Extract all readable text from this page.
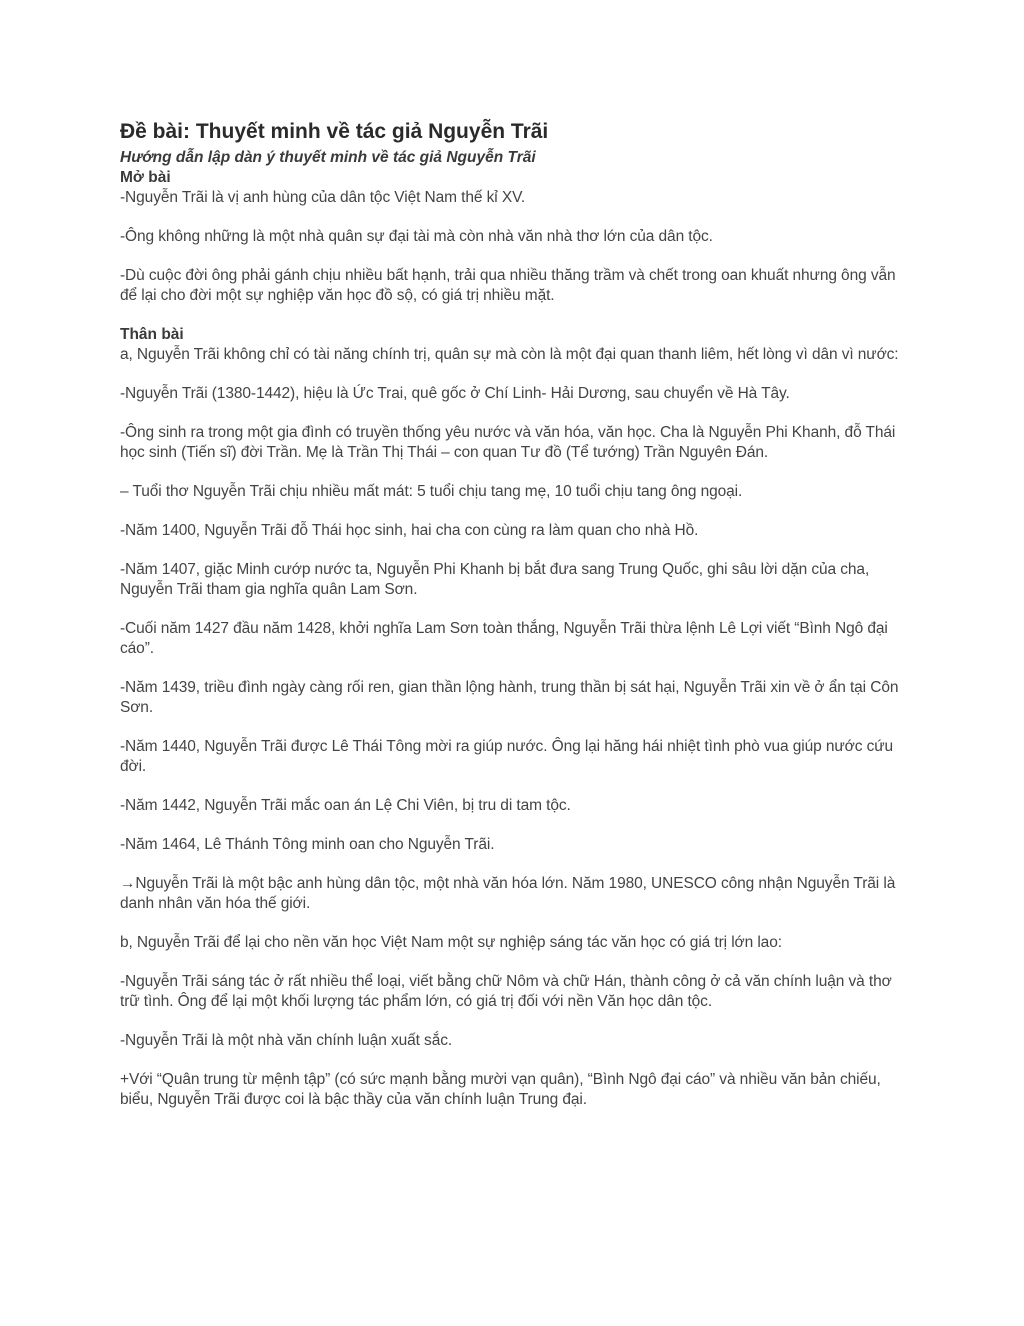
Đề bài: Thuyết minh về tác giả Nguyễn Trãi
Hướng dẫn lập dàn ý thuyết minh về tác giả Nguyễn Trãi
Mở bài

-Nguyễn Trãi là vị anh hùng của dân tộc Việt Nam thế kỉ XV.

-Ông không những là một nhà quân sự đại tài mà còn nhà văn nhà thơ lớn của dân tộc.

-Dù cuộc đời ông phải gánh chịu nhiều bất hạnh, trải qua nhiều thăng trầm và chết trong oan khuất nhưng ông vẫn để lại cho đời một sự nghiệp văn học đồ sộ, có giá trị nhiều mặt.

Thân bài

a, Nguyễn Trãi không chỉ có tài năng chính trị, quân sự mà còn là một đại quan thanh liêm, hết lòng vì dân vì nước:

-Nguyễn Trãi (1380-1442), hiệu là Ức Trai, quê gốc ở Chí Linh- Hải Dương, sau chuyển về Hà Tây.

-Ông sinh ra trong một gia đình có truyền thống yêu nước và văn hóa, văn học. Cha là Nguyễn Phi Khanh, đỗ Thái học sinh (Tiến sĩ) đời Trần. Mẹ là Trần Thị Thái – con quan Tư đồ (Tể tướng) Trần Nguyên Đán.

– Tuổi thơ Nguyễn Trãi chịu nhiều mất mát: 5 tuổi chịu tang mẹ, 10 tuổi chịu tang ông ngoại.

-Năm 1400, Nguyễn Trãi đỗ Thái học sinh, hai cha con cùng ra làm quan cho nhà Hồ.

-Năm 1407, giặc Minh cướp nước ta, Nguyễn Phi Khanh bị bắt đưa sang Trung Quốc, ghi sâu lời dặn của cha, Nguyễn Trãi tham gia nghĩa quân Lam Sơn.

-Cuối năm 1427 đầu năm 1428, khởi nghĩa Lam Sơn toàn thắng, Nguyễn Trãi thừa lệnh Lê Lợi viết “Bình Ngô đại cáo”.

-Năm 1439, triều đình ngày càng rối ren, gian thần lộng hành, trung thần bị sát hại, Nguyễn Trãi xin về ở ẩn tại Côn Sơn.

-Năm 1440, Nguyễn Trãi được Lê Thái Tông mời ra giúp nước. Ông lại hăng hái nhiệt tình phò vua giúp nước cứu đời.

-Năm 1442, Nguyễn Trãi mắc oan án Lệ Chi Viên, bị tru di tam tộc.

-Năm 1464, Lê Thánh Tông minh oan cho Nguyễn Trãi.

→Nguyễn Trãi là một bậc anh hùng dân tộc, một nhà văn hóa lớn. Năm 1980, UNESCO công nhận Nguyễn Trãi là danh nhân văn hóa thế giới.

b, Nguyễn Trãi để lại cho nền văn học Việt Nam một sự nghiệp sáng tác văn học có giá trị lớn lao:

-Nguyễn Trãi sáng tác ở rất nhiều thể loại, viết bằng chữ Nôm và chữ Hán, thành công ở cả văn chính luận và thơ trữ tình. Ông để lại một khối lượng tác phẩm lớn, có giá trị đối với nền Văn học dân tộc.

-Nguyễn Trãi là một nhà văn chính luận xuất sắc.

+Với “Quân trung từ mệnh tập” (có sức mạnh bằng mười vạn quân), “Bình Ngô đại cáo” và nhiều văn bản chiếu, biểu, Nguyễn Trãi được coi là bậc thầy của văn chính luận Trung đại.
